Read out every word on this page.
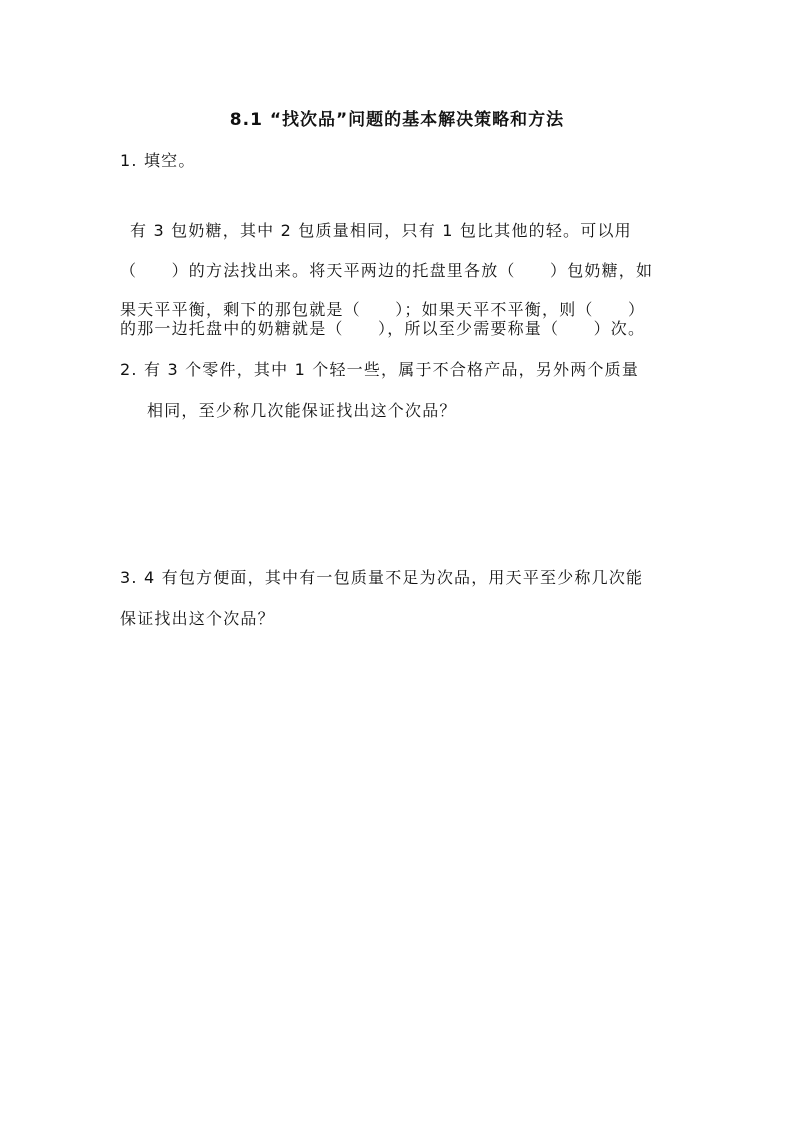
8.1 “找次品”问题的基本解决策略和方法
1. 填空。
有 3 包奶糖，其中 2 包质量相同，只有 1 包比其他的轻。可以用
（　　）的方法找出来。将天平两边的托盘里各放（　　）包奶糖，如
果天平平衡，剩下的那包就是（　　）；如果天平不平衡，则（　　）
的那一边托盘中的奶糖就是（　　），所以至少需要称量（　　）次。
2. 有 3 个零件，其中 1 个轻一些，属于不合格产品，另外两个质量
相同，至少称几次能保证找出这个次品？
3. 4 有包方便面，其中有一包质量不足为次品，用天平至少称几次能
保证找出这个次品？
